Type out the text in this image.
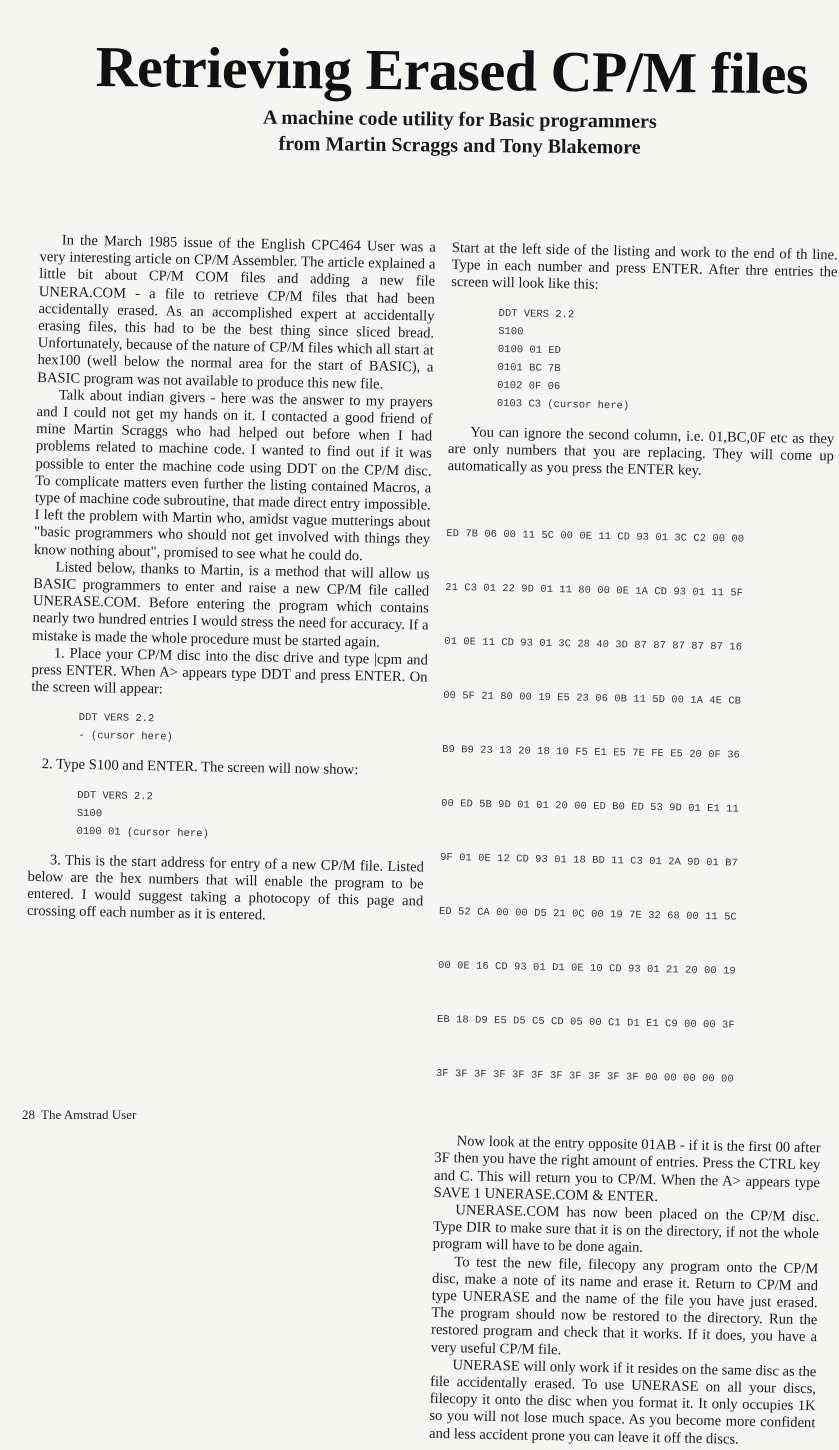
Retrieving Erased CP/M files
A machine code utility for Basic programmers
from Martin Scraggs and Tony Blakemore

In the March 1985 issue of the English CPC464 User was a very interesting article on CP/M Assembler. The article explained a little bit about CP/M COM files and adding a new file UNERA.COM - a file to retrieve CP/M files that had been accidentally erased. As an accomplished expert at accidentally erasing files, this had to be the best thing since sliced bread. Unfortunately, because of the nature of CP/M files which all start at hex100 (well below the normal area for the start of BASIC), a BASIC program was not available to produce this new file.

Talk about indian givers - here was the answer to my prayers and I could not get my hands on it. I contacted a good friend of mine Martin Scraggs who had helped out before when I had problems related to machine code. I wanted to find out if it was possible to enter the machine code using DDT on the CP/M disc. To complicate matters even further the listing contained Macros, a type of machine code subroutine, that made direct entry impossible. I left the problem with Martin who, amidst vague mutterings about "basic programmers who should not get involved with things they know nothing about", promised to see what he could do.

Listed below, thanks to Martin, is a method that will allow us BASIC programmers to enter and raise a new CP/M file called UNERASE.COM. Before entering the program which contains nearly two hundred entries I would stress the need for accuracy. If a mistake is made the whole procedure must be started again.

1. Place your CP/M disc into the disc drive and type |cpm and press ENTER. When A> appears type DDT and press ENTER. On the screen will appear:

DDT VERS 2.2
- (cursor here)

2. Type S100 and ENTER. The screen will now show:

DDT VERS 2.2
S100
0100 01 (cursor here)

3. This is the start address for entry of a new CP/M file. Listed below are the hex numbers that will enable the program to be entered. I would suggest taking a photocopy of this page and crossing off each number as it is entered.

Start at the left side of the listing and work to the end of th line. Type in each number and press ENTER. After thre entries the screen will look like this:

DDT VERS 2.2
S100
0100 01 ED
0101 BC 7B
0102 0F 06
0103 C3 (cursor here)

You can ignore the second column, i.e. 01,BC,0F etc as they are only numbers that you are replacing. They will come up automatically as you press the ENTER key.

ED 7B 06 00 11 5C 00 0E 11 CD 93 01 3C C2 00 00

21 C3 01 22 9D 01 11 80 00 0E 1A CD 93 01 11 5F

01 0E 11 CD 93 01 3C 28 40 3D 87 87 87 87 87 16

00 5F 21 80 00 19 E5 23 06 0B 11 5D 00 1A 4E CB

B9 B9 23 13 20 18 10 F5 E1 E5 7E FE E5 20 0F 36

00 ED 5B 9D 01 01 20 00 ED B0 ED 53 9D 01 E1 11

9F 01 0E 12 CD 93 01 18 BD 11 C3 01 2A 9D 01 B7

ED 52 CA 00 00 D5 21 0C 00 19 7E 32 68 00 11 5C

00 0E 16 CD 93 01 D1 0E 10 CD 93 01 21 20 00 19

EB 18 D9 E5 D5 C5 CD 05 00 C1 D1 E1 C9 00 00 3F

3F 3F 3F 3F 3F 3F 3F 3F 3F 3F 3F 00 00 00 00 00

Now look at the entry opposite 01AB - if it is the first 00 after 3F then you have the right amount of entries. Press the CTRL key and C. This will return you to CP/M. When the A> appears type SAVE 1 UNERASE.COM & ENTER.

UNERASE.COM has now been placed on the CP/M disc. Type DIR to make sure that it is on the directory, if not the whole program will have to be done again.

To test the new file, filecopy any program onto the CP/M disc, make a note of its name and erase it. Return to CP/M and type UNERASE and the name of the file you have just erased. The program should now be restored to the directory. Run the restored program and check that it works. If it does, you have a very useful CP/M file.

UNERASE will only work if it resides on the same disc as the file accidentally erased. To use UNERASE on all your discs, filecopy it onto the disc when you format it. It only occupies 1K so you will not lose much space. As you become more confident and less accident prone you can leave it off the discs.

28 The Amstrad User
